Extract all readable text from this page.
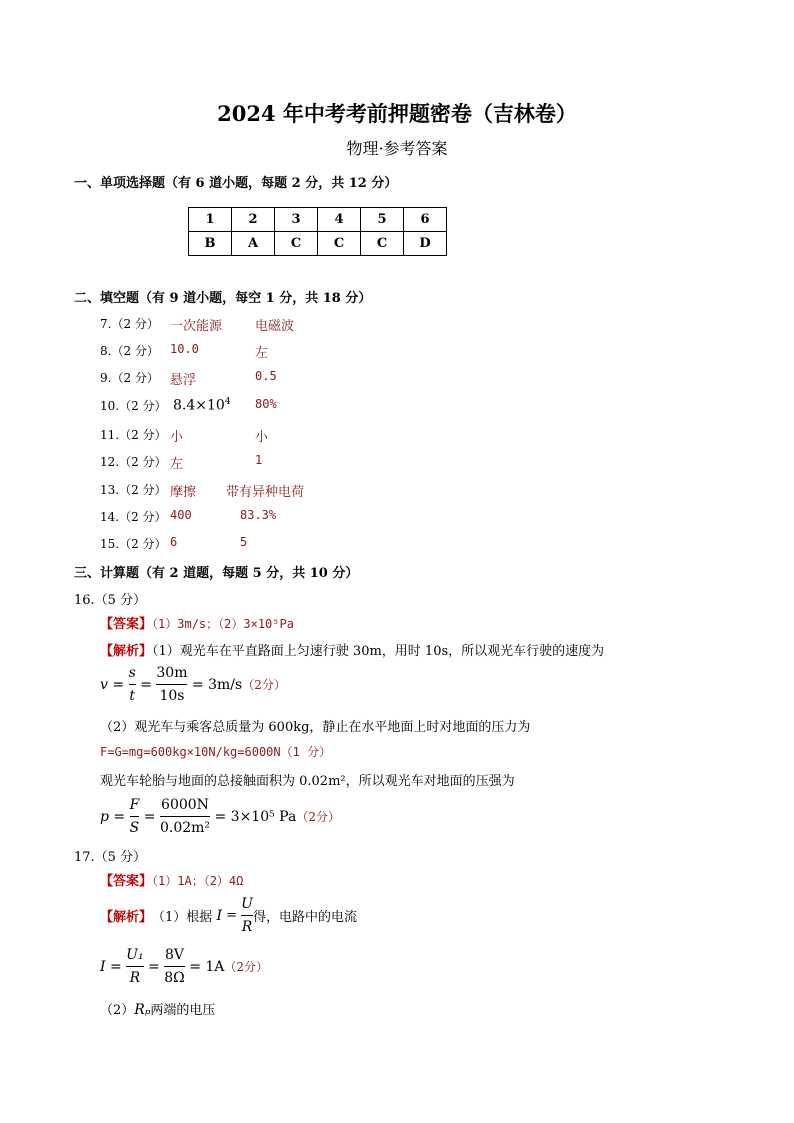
2024 年中考考前押题密卷（吉林卷）
物理·参考答案
一、单项选择题（有 6 道小题，每题 2 分，共 12 分）
1	2	3	4	5	6
B	A	C	C	C	D
二、填空题（有 9 道小题，每空 1 分，共 18 分）
7.（2 分） 一次能源	电磁波
8.（2 分） 10.0	左
9.（2 分） 悬浮	0.5
10.（2 分） $8.4\times 10^4$ 80%
11.（2 分） 小	小
12.（2 分） 左	1
13.（2 分） 摩擦 带有异种电荷
14.（2 分） 400	83.3%
15.（2 分） 6	5
三、计算题（有 2 道题，每题 5 分，共 10 分）
16.（5 分）
【答案】（1）3m/s；（2）3×10⁵Pa
【解析】（1）观光车在平直路面上匀速行驶 30m，用时 10s，所以观光车行驶的速度为
$v = \frac{s}{t} = \frac{30m}{10s}$
= 3m/s （2分）
（2）观光车与乘客总质量为 600kg，静止在水平地面上时对地面的压力为
F=G=mg=600kg×10N/kg=6000N（1 分）
观光车轮胎与地面的总接触面积为 0.02m²，所以观光车对地面的压强为
$p = \frac{F}{S} = \frac{6000N}{\text{0.02m²}}$
= 3×10⁵ Pa （2分）
17.（5 分）
【答案】（1）1A；（2）4Ω
【解析】 （1）根据
$I = \frac{U}{R}$ 得，电路中的电流
$I = \frac{\text{U₁}}{R} = \frac{8V}{8\Omega}$
= 1A （2分）
（2）Rₚ两端的电压
